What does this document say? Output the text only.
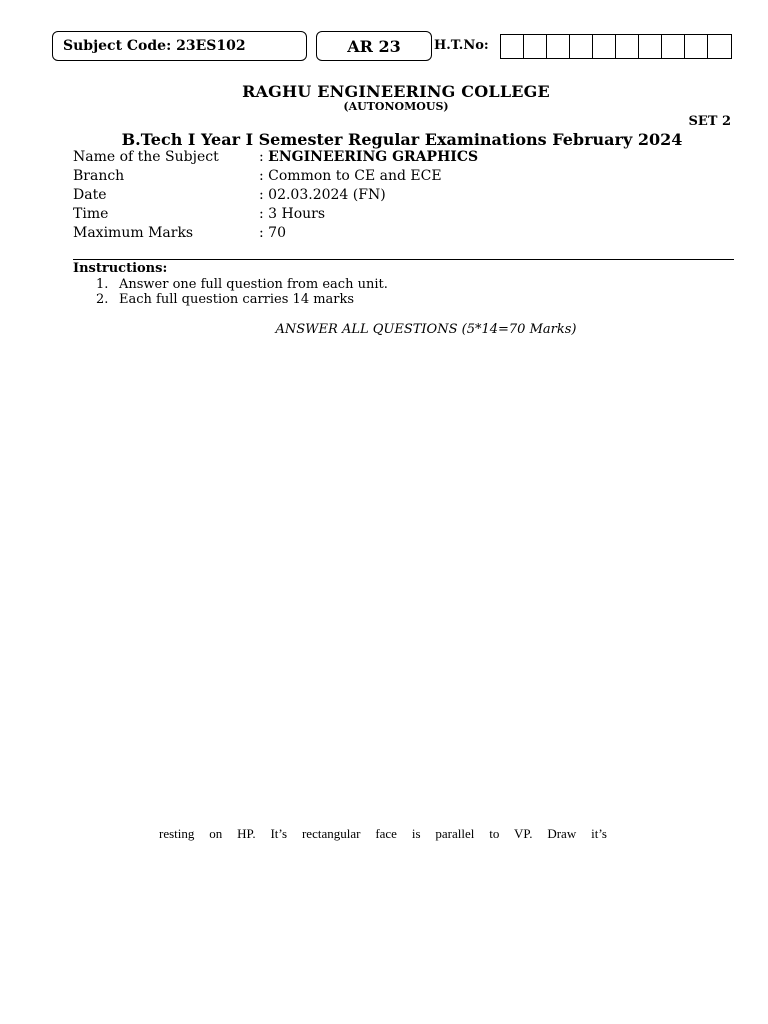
Subject Code: 23ES102	AR 23	H.T.No:
RAGHU ENGINEERING COLLEGE
(AUTONOMOUS)
SET 2
B.Tech I Year I Semester Regular Examinations February 2024
Name of the Subject	: ENGINEERING GRAPHICS
Branch	: Common to CE and ECE
Date	: 02.03.2024 (FN)
Time	: 3 Hours
Maximum Marks	: 70
Instructions:
1. Answer one full question from each unit.
2. Each full question carries 14 marks
ANSWER ALL QUESTIONS (5*14=70 Marks)
resting on HP. It’s rectangular face is parallel to VP. Draw it’s
